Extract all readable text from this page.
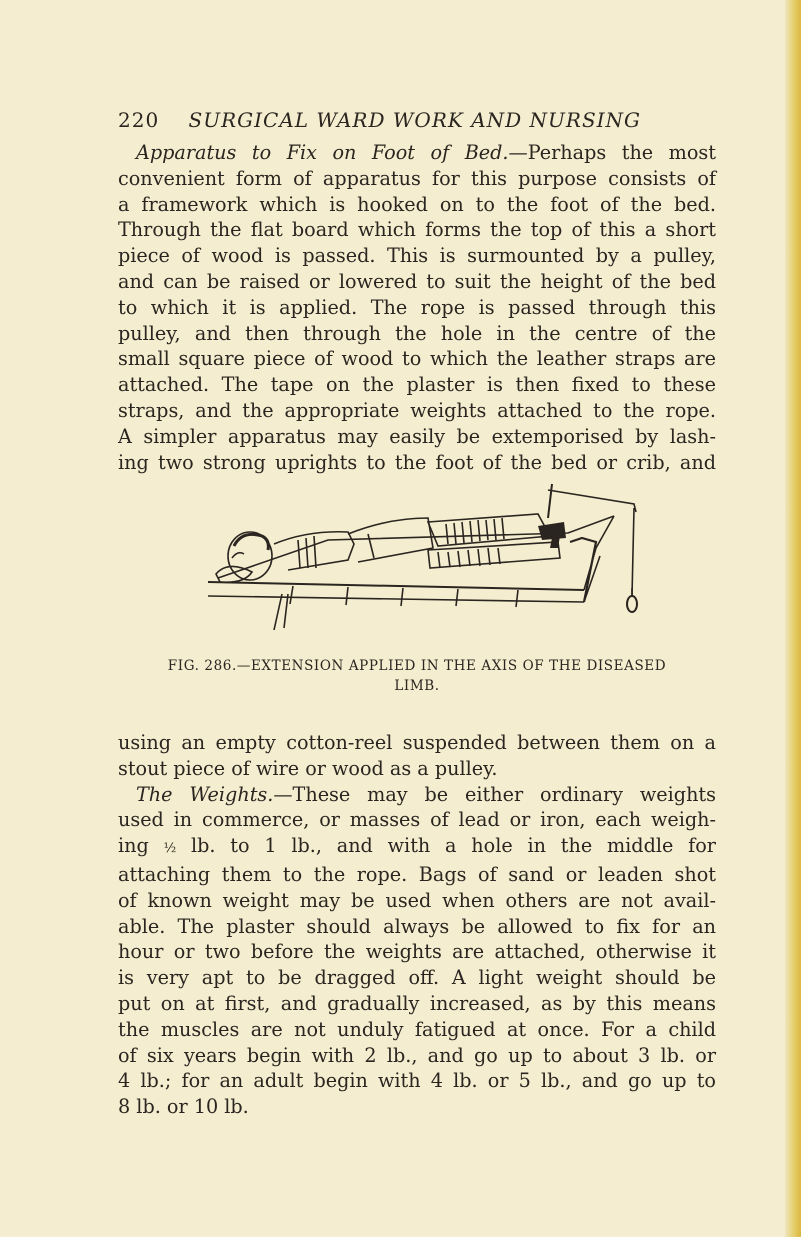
220 SURGICAL WARD WORK AND NURSING
Apparatus to Fix on Foot of Bed.—Perhaps the most
convenient form of apparatus for this purpose consists of
a framework which is hooked on to the foot of the bed.
Through the flat board which forms the top of this a short
piece of wood is passed. This is surmounted by a pulley,
and can be raised or lowered to suit the height of the bed
to which it is applied. The rope is passed through this
pulley, and then through the hole in the centre of the
small square piece of wood to which the leather straps are
attached. The tape on the plaster is then fixed to these
straps, and the appropriate weights attached to the rope.
A simpler apparatus may easily be extemporised by lash-
ing two strong uprights to the foot of the bed or crib, and
FIG. 286.—EXTENSION APPLIED IN THE AXIS OF THE DISEASED
LIMB.
using an empty cotton-reel suspended between them on a
stout piece of wire or wood as a pulley.
The Weights.—These may be either ordinary weights
used in commerce, or masses of lead or iron, each weigh-
ing ½ lb. to 1 lb., and with a hole in the middle for
attaching them to the rope. Bags of sand or leaden shot
of known weight may be used when others are not avail-
able. The plaster should always be allowed to fix for an
hour or two before the weights are attached, otherwise it
is very apt to be dragged off. A light weight should be
put on at first, and gradually increased, as by this means
the muscles are not unduly fatigued at once. For a child
of six years begin with 2 lb., and go up to about 3 lb. or
4 lb.; for an adult begin with 4 lb. or 5 lb., and go up to
8 lb. or 10 lb.
